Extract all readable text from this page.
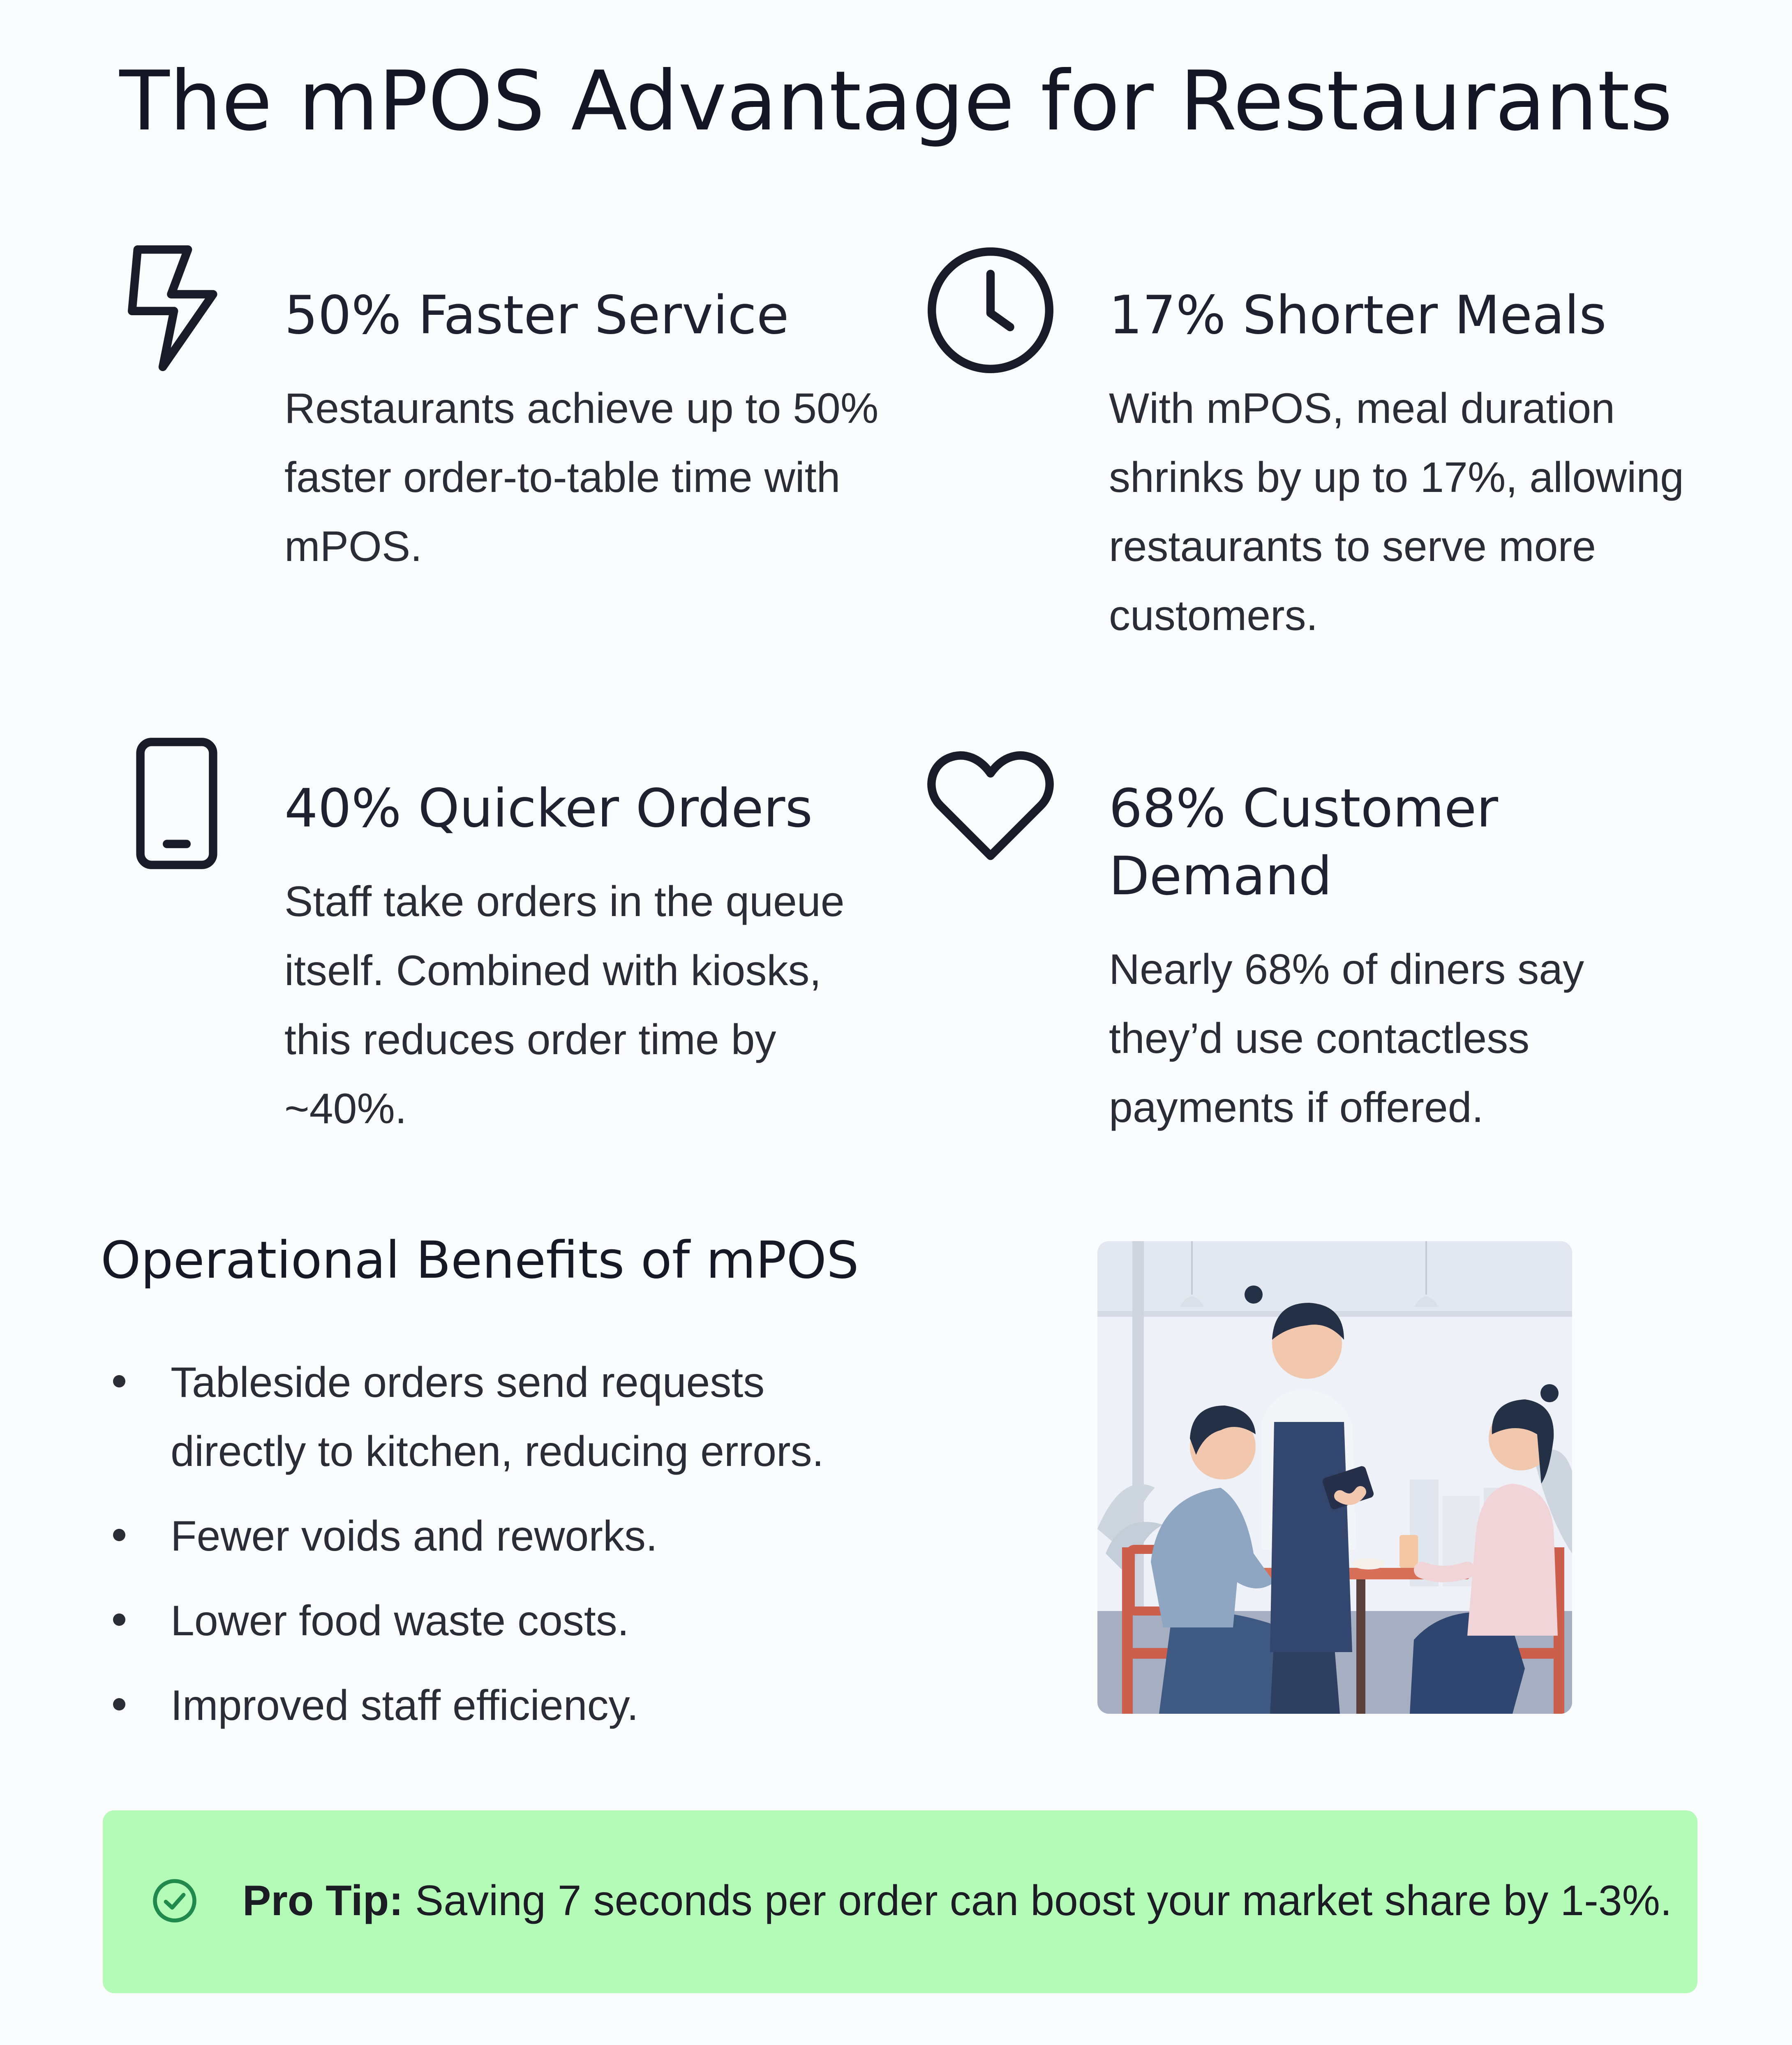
The mPOS Advantage for Restaurants
50% Faster Service

Restaurants achieve up to 50% faster order-to-table time with mPOS.

17% Shorter Meals

With mPOS, meal duration shrinks by up to 17%, allowing restaurants to serve more customers.

40% Quicker Orders

Staff take orders in the queue itself. Combined with kiosks, this reduces order time by ~40%.

68% Customer Demand

Nearly 68% of diners say they’d use contactless payments if offered.

Operational Benefits of mPOS
Tableside orders send requests directly to kitchen, reducing errors.
Fewer voids and reworks.
Lower food waste costs.
Improved staff efficiency.
Pro Tip: Saving 7 seconds per order can boost your market share by 1-3%.
